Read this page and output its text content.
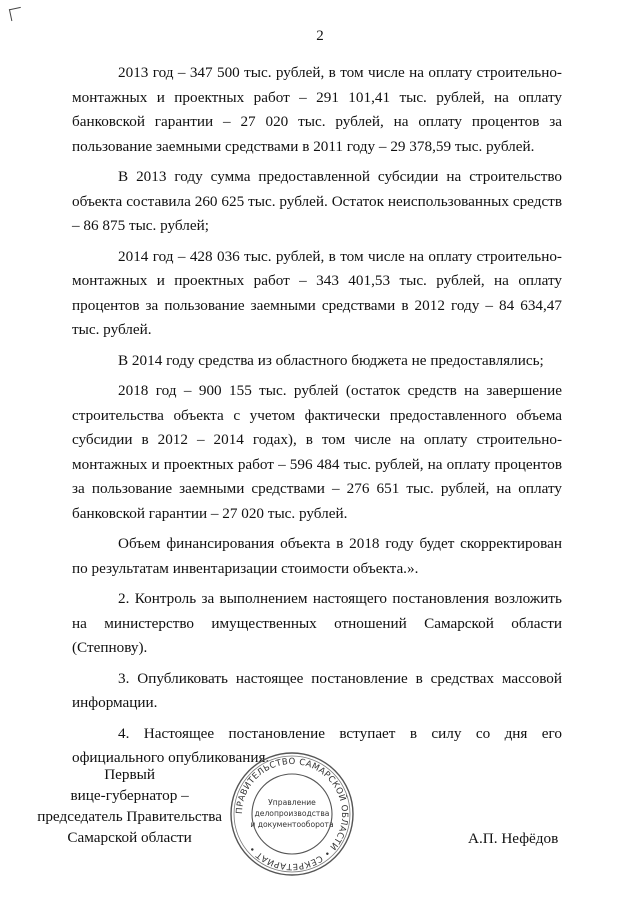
2

2013 год – 347 500 тыс. рублей, в том числе на оплату строительно-монтажных и проектных работ – 291 101,41 тыс. рублей, на оплату банковской гарантии – 27 020 тыс. рублей, на оплату процентов за пользование заемными средствами в 2011 году – 29 378,59 тыс. рублей.

В 2013 году сумма предоставленной субсидии на строительство объекта составила 260 625 тыс. рублей. Остаток неиспользованных средств – 86 875 тыс. рублей;

2014 год – 428 036 тыс. рублей, в том числе на оплату строительно-монтажных и проектных работ – 343 401,53 тыс. рублей, на оплату процентов за пользование заемными средствами в 2012 году – 84 634,47 тыс. рублей.

В 2014 году средства из областного бюджета не предоставлялись;

2018 год – 900 155 тыс. рублей (остаток средств на завершение строительства объекта с учетом фактически предоставленного объема субсидии в 2012 – 2014 годах), в том числе на оплату строительно-монтажных и проектных работ – 596 484 тыс. рублей, на оплату процентов за пользование заемными средствами – 276 651 тыс. рублей, на оплату банковской гарантии – 27 020 тыс. рублей.

Объем финансирования объекта в 2018 году будет скорректирован по результатам инвентаризации стоимости объекта.».

2. Контроль за выполнением настоящего постановления возложить на министерство имущественных отношений Самарской области (Степнову).

3. Опубликовать настоящее постановление в средствах массовой информации.

4. Настоящее постановление вступает в силу со дня его официального опубликования.

Первый
вице-губернатор –
председатель Правительства
Самарской области	А.П. Нефёдов
ПРАВИТЕЛЬСТВО САМАРСКОЙ ОБЛАСТИ • СЕКРЕТАРИАТ •
Управление
делопроизводства
и документооборота
